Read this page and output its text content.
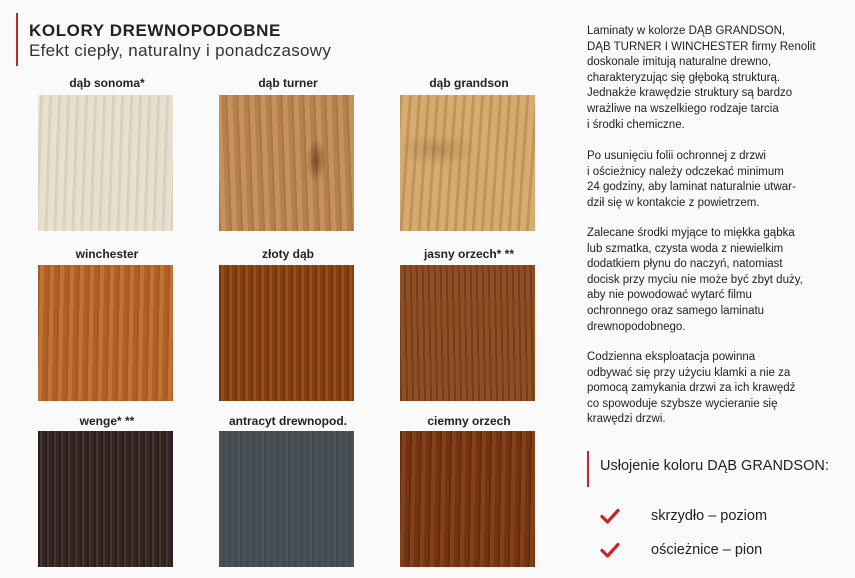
KOLORY DREWNOPODOBNE
Efekt ciepły, naturalny i ponadczasowy
dąb sonoma*	dąb turner	dąb grandson
winchester	złoty dąb	jasny orzech* **
wenge* **	antracyt drewnopod.	ciemny orzech
Laminaty w kolorze DĄB GRANDSON,
DĄB TURNER I WINCHESTER firmy Renolit
doskonale imitują naturalne drewno,
charakteryzując się głęboką strukturą.
Jednakże krawędzie struktury są bardzo
wrażliwe na wszelkiego rodzaje tarcia
i środki chemiczne.
Po usunięciu folii ochronnej z drzwi
i ościeżnicy należy odczekać minimum
24 godziny, aby laminat naturalnie utwar-
dził się w kontakcie z powietrzem.
Zalecane środki myjące to miękka gąbka
lub szmatka, czysta woda z niewielkim
dodatkiem płynu do naczyń, natomiast
docisk przy myciu nie może być zbyt duży,
aby nie powodować wytarć filmu
ochronnego oraz samego laminatu
drewnopodobnego.
Codzienna eksploatacja powinna
odbywać się przy użyciu klamki a nie za
pomocą zamykania drzwi za ich krawędź
co spowoduje szybsze wycieranie się
krawędzi drzwi.
Usłojenie koloru DĄB GRANDSON:
skrzydło – poziom
ościeżnice – pion
